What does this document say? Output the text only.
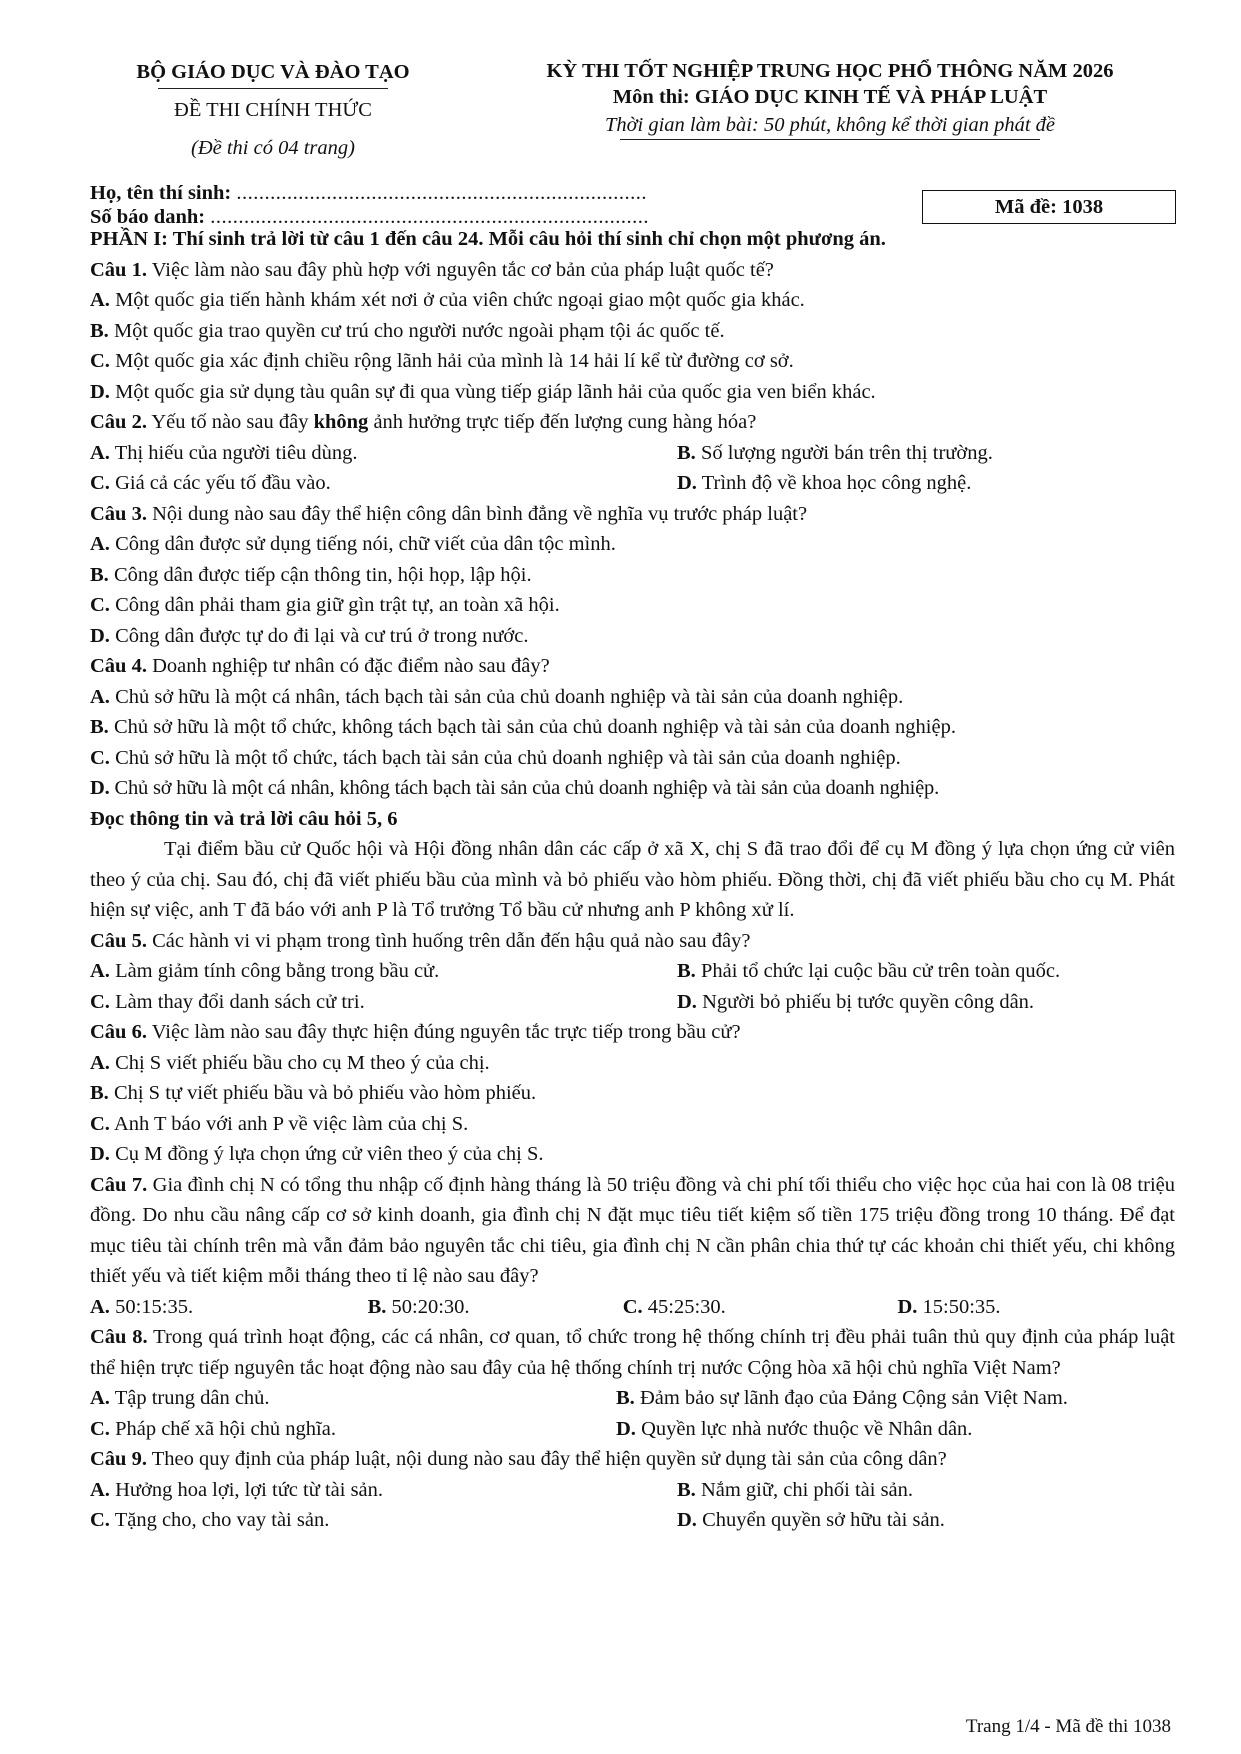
BỘ GIÁO DỤC VÀ ĐÀO TẠO
ĐỀ THI CHÍNH THỨC
(Đề thi có 04 trang)
KỲ THI TỐT NGHIỆP TRUNG HỌC PHỔ THÔNG NĂM 2026
Môn thi: GIÁO DỤC KINH TẾ VÀ PHÁP LUẬT
Thời gian làm bài: 50 phút, không kể thời gian phát đề
Họ, tên thí sinh: .........................................................................
Số báo danh: ..............................................................................	Mã đề: 1038
PHẦN I: Thí sinh trả lời từ câu 1 đến câu 24. Mỗi câu hỏi thí sinh chỉ chọn một phương án.
Câu 1. Việc làm nào sau đây phù hợp với nguyên tắc cơ bản của pháp luật quốc tế?
A. Một quốc gia tiến hành khám xét nơi ở của viên chức ngoại giao một quốc gia khác.
B. Một quốc gia trao quyền cư trú cho người nước ngoài phạm tội ác quốc tế.
C. Một quốc gia xác định chiều rộng lãnh hải của mình là 14 hải lí kể từ đường cơ sở.
D. Một quốc gia sử dụng tàu quân sự đi qua vùng tiếp giáp lãnh hải của quốc gia ven biển khác.
Câu 2. Yếu tố nào sau đây không ảnh hưởng trực tiếp đến lượng cung hàng hóa?
A. Thị hiếu của người tiêu dùng.	B. Số lượng người bán trên thị trường.
C. Giá cả các yếu tố đầu vào.	D. Trình độ về khoa học công nghệ.
Câu 3. Nội dung nào sau đây thể hiện công dân bình đẳng về nghĩa vụ trước pháp luật?
A. Công dân được sử dụng tiếng nói, chữ viết của dân tộc mình.
B. Công dân được tiếp cận thông tin, hội họp, lập hội.
C. Công dân phải tham gia giữ gìn trật tự, an toàn xã hội.
D. Công dân được tự do đi lại và cư trú ở trong nước.
Câu 4. Doanh nghiệp tư nhân có đặc điểm nào sau đây?
A. Chủ sở hữu là một cá nhân, tách bạch tài sản của chủ doanh nghiệp và tài sản của doanh nghiệp.
B. Chủ sở hữu là một tổ chức, không tách bạch tài sản của chủ doanh nghiệp và tài sản của doanh nghiệp.
C. Chủ sở hữu là một tổ chức, tách bạch tài sản của chủ doanh nghiệp và tài sản của doanh nghiệp.
D. Chủ sở hữu là một cá nhân, không tách bạch tài sản của chủ doanh nghiệp và tài sản của doanh nghiệp.
Đọc thông tin và trả lời câu hỏi 5, 6
Tại điểm bầu cử Quốc hội và Hội đồng nhân dân các cấp ở xã X, chị S đã trao đổi để cụ M đồng ý lựa chọn ứng cử viên theo ý của chị. Sau đó, chị đã viết phiếu bầu của mình và bỏ phiếu vào hòm phiếu. Đồng thời, chị đã viết phiếu bầu cho cụ M. Phát hiện sự việc, anh T đã báo với anh P là Tổ trưởng Tổ bầu cử nhưng anh P không xử lí.
Câu 5. Các hành vi vi phạm trong tình huống trên dẫn đến hậu quả nào sau đây?
A. Làm giảm tính công bằng trong bầu cử.	B. Phải tổ chức lại cuộc bầu cử trên toàn quốc.
C. Làm thay đổi danh sách cử tri.	D. Người bỏ phiếu bị tước quyền công dân.
Câu 6. Việc làm nào sau đây thực hiện đúng nguyên tắc trực tiếp trong bầu cử?
A. Chị S viết phiếu bầu cho cụ M theo ý của chị.
B. Chị S tự viết phiếu bầu và bỏ phiếu vào hòm phiếu.
C. Anh T báo với anh P về việc làm của chị S.
D. Cụ M đồng ý lựa chọn ứng cử viên theo ý của chị S.
Câu 7. Gia đình chị N có tổng thu nhập cố định hàng tháng là 50 triệu đồng và chi phí tối thiểu cho việc học của hai con là 08 triệu đồng. Do nhu cầu nâng cấp cơ sở kinh doanh, gia đình chị N đặt mục tiêu tiết kiệm số tiền 175 triệu đồng trong 10 tháng. Để đạt mục tiêu tài chính trên mà vẫn đảm bảo nguyên tắc chi tiêu, gia đình chị N cần phân chia thứ tự các khoản chi thiết yếu, chi không thiết yếu và tiết kiệm mỗi tháng theo tỉ lệ nào sau đây?
A. 50:15:35.	B. 50:20:30.	C. 45:25:30.	D. 15:50:35.
Câu 8. Trong quá trình hoạt động, các cá nhân, cơ quan, tổ chức trong hệ thống chính trị đều phải tuân thủ quy định của pháp luật thể hiện trực tiếp nguyên tắc hoạt động nào sau đây của hệ thống chính trị nước Cộng hòa xã hội chủ nghĩa Việt Nam?
A. Tập trung dân chủ.	B. Đảm bảo sự lãnh đạo của Đảng Cộng sản Việt Nam.
C. Pháp chế xã hội chủ nghĩa.	D. Quyền lực nhà nước thuộc về Nhân dân.
Câu 9. Theo quy định của pháp luật, nội dung nào sau đây thể hiện quyền sử dụng tài sản của công dân?
A. Hưởng hoa lợi, lợi tức từ tài sản.	B. Nắm giữ, chi phối tài sản.
C. Tặng cho, cho vay tài sản.	D. Chuyển quyền sở hữu tài sản.
Trang 1/4 - Mã đề thi 1038
